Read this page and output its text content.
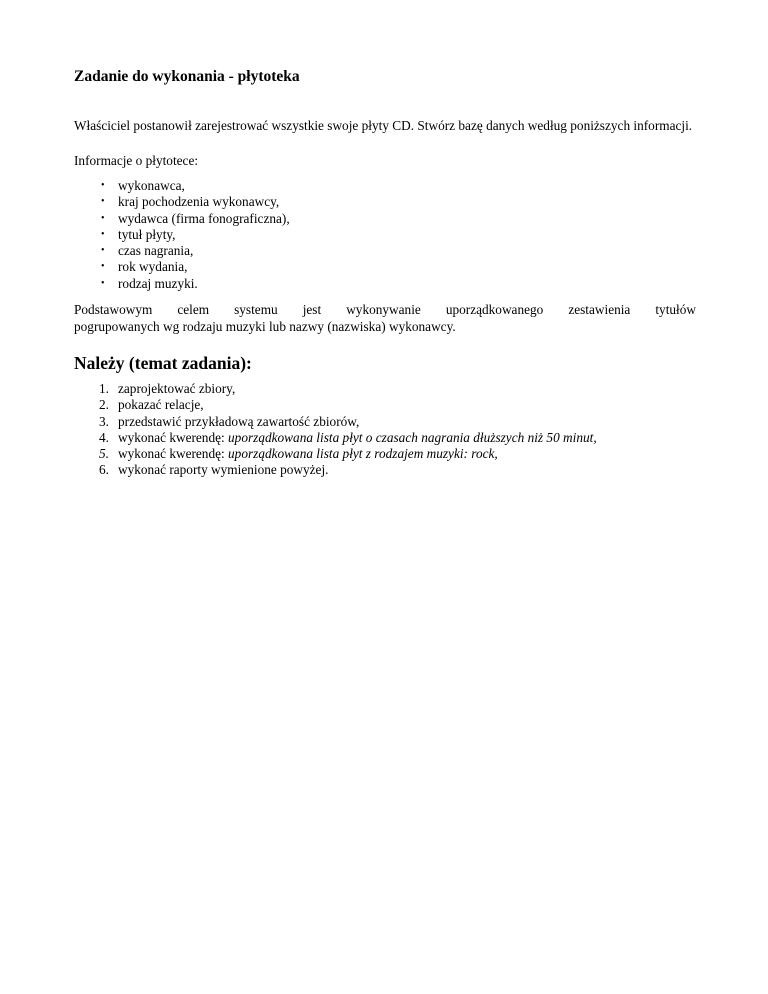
Zadanie do wykonania - płytoteka

Właściciel postanowił zarejestrować wszystkie swoje płyty CD. Stwórz bazę danych według poniższych informacji.

Informacje o płytotece:

• wykonawca,
• kraj pochodzenia wykonawcy,
• wydawca (firma fonograficzna),
• tytuł płyty,
• czas nagrania,
• rok wydania,
• rodzaj muzyki.

Podstawowym celem systemu jest wykonywanie uporządkowanego zestawienia tytułów
pogrupowanych wg rodzaju muzyki lub nazwy (nazwiska) wykonawcy.

Należy (temat zadania):
1. zaprojektować zbiory,
2. pokazać relacje,
3. przedstawić przykładową zawartość zbiorów,
4. wykonać kwerendę: uporządkowana lista płyt o czasach nagrania dłuższych niż 50 minut,
5. wykonać kwerendę: uporządkowana lista płyt z rodzajem muzyki: rock,
6. wykonać raporty wymienione powyżej.
